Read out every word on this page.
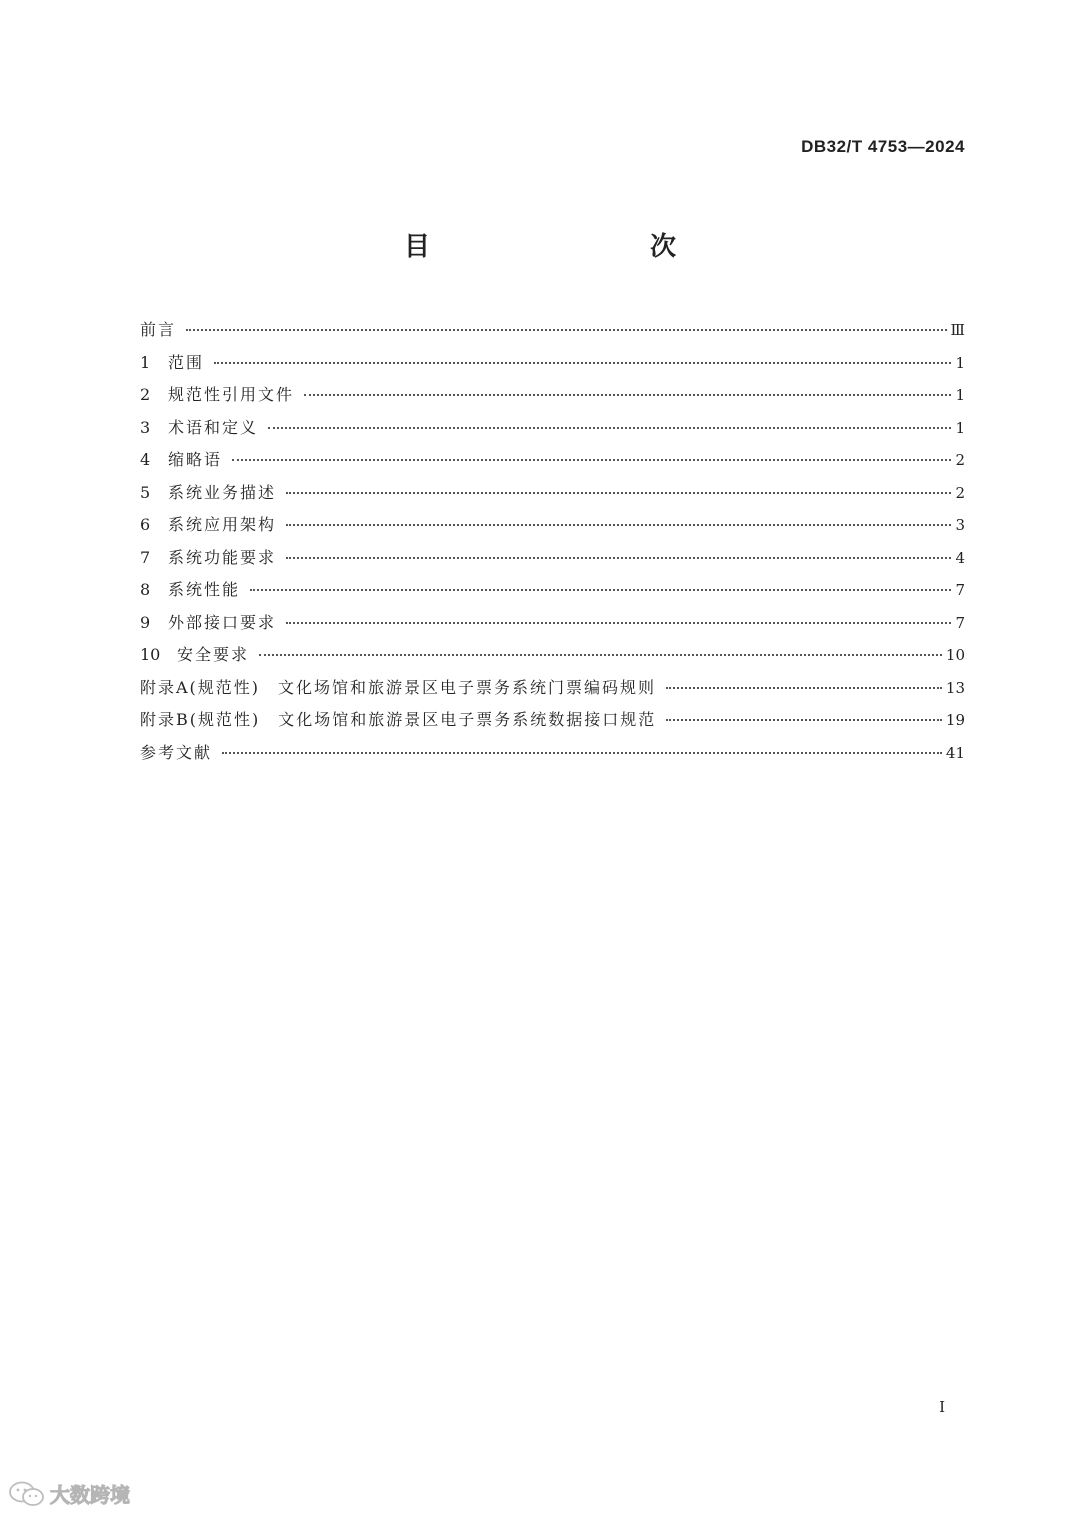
DB32/T 4753—2024
目　　次
前言	Ⅲ
1	范围	1
2	规范性引用文件	1
3	术语和定义	1
4	缩略语	2
5	系统业务描述	2
6	系统应用架构	3
7	系统功能要求	4
8	系统性能	7
9	外部接口要求	7
10	安全要求	10
附录A(规范性) 文化场馆和旅游景区电子票务系统门票编码规则	13
附录B(规范性) 文化场馆和旅游景区电子票务系统数据接口规范	19
参考文献	41
I
大数跨境
